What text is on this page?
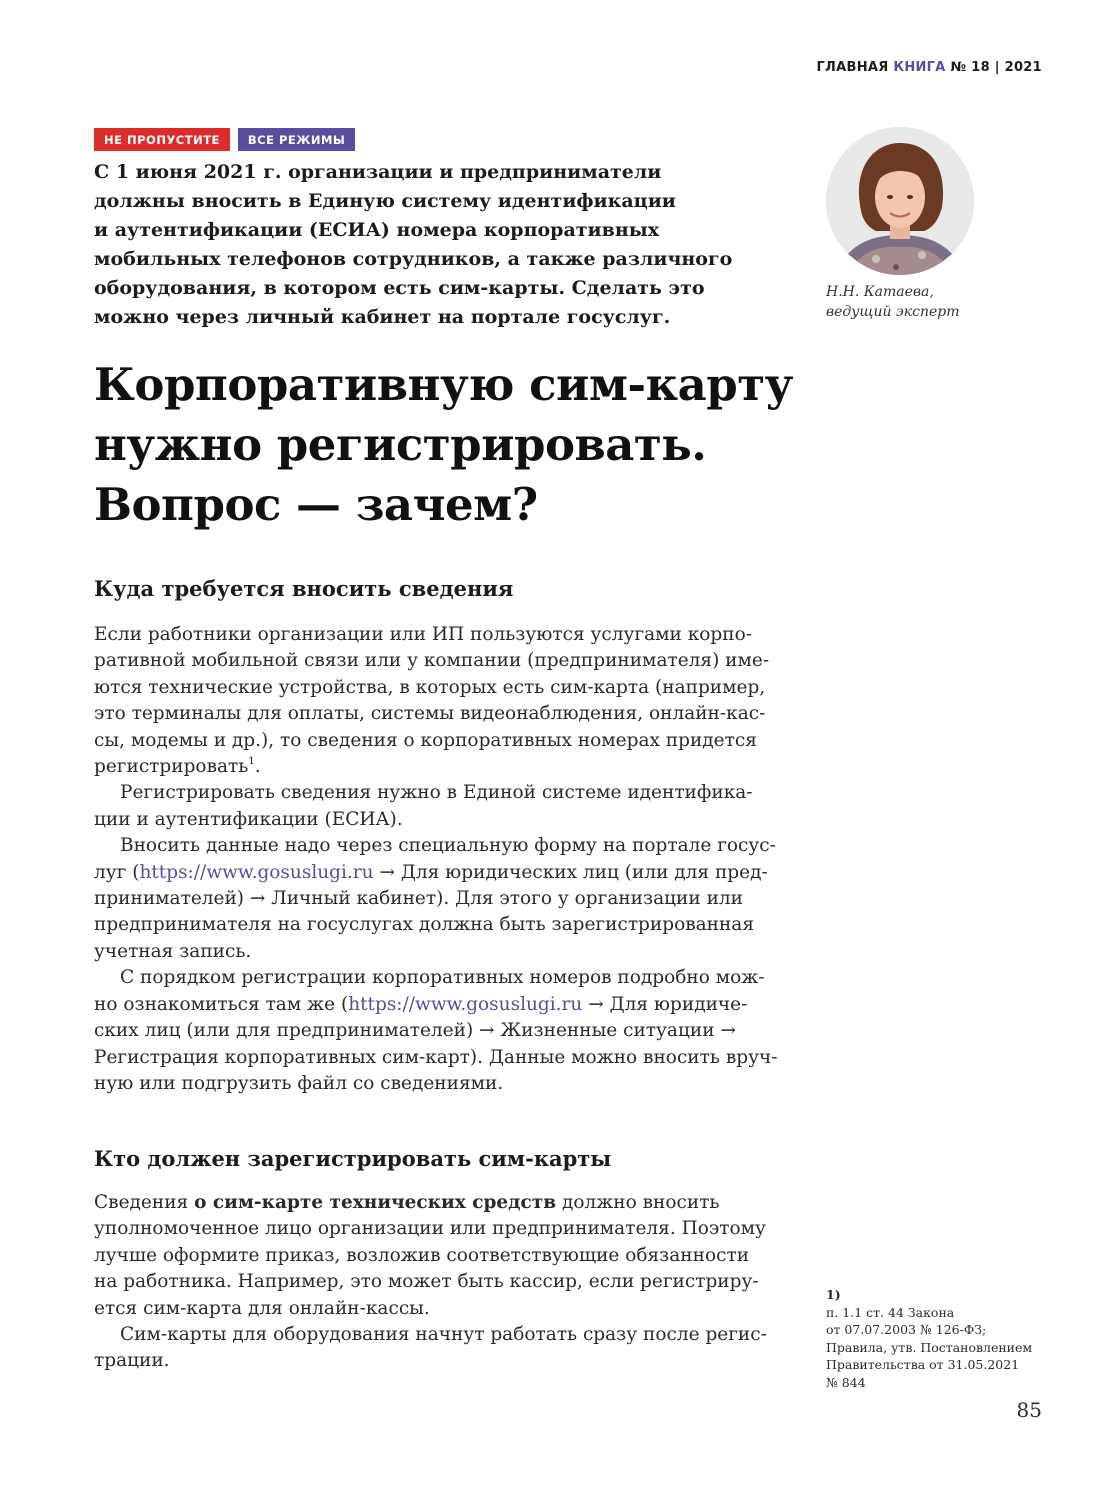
ГЛАВНАЯ КНИГА № 18 | 2021
НЕ ПРОПУСТИТЕ	ВСЕ РЕЖИМЫ

С 1 июня 2021 г. организации и предприниматели
должны вносить в Единую систему идентификации
и аутентификации (ЕСИА) номера корпоративных
мобильных телефонов сотрудников, а также различного
оборудования, в котором есть сим-карты. Сделать это
можно через личный кабинет на портале госуслуг.

Н.Н. Катаева,
ведущий эксперт
Корпоративную сим-карту
нужно регистрировать.
Вопрос — зачем?
Куда требуется вносить сведения
Если работники организации или ИП пользуются услугами корпо-
ративной мобильной связи или у компании (предпринимателя) име-
ются технические устройства, в которых есть сим-карта (например,
это терминалы для оплаты, системы видеонаблюдения, онлайн-кас-
сы, модемы и др.), то сведения о корпоративных номерах придется
регистрировать$^1$.
Регистрировать сведения нужно в Единой системе идентифика-
ции и аутентификации (ЕСИА).
Вносить данные надо через специальную форму на портале госус-
луг (https://www.gosuslugi.ru → Для юридических лиц (или для пред-
принимателей) → Личный кабинет). Для этого у организации или
предпринимателя на госуслугах должна быть зарегистрированная
учетная запись.
С порядком регистрации корпоративных номеров подробно мож-
но ознакомиться там же (https://www.gosuslugi.ru → Для юридиче-
ских лиц (или для предпринимателей) → Жизненные ситуации →
Регистрация корпоративных сим-карт). Данные можно вносить вруч-
ную или подгрузить файл со сведениями.
Кто должен зарегистрировать сим-карты
Сведения о сим-карте технических средств должно вносить
уполномоченное лицо организации или предпринимателя. Поэтому
лучше оформите приказ, возложив соответствующие обязанности
на работника. Например, это может быть кассир, если регистриру-
ется сим-карта для онлайн-кассы.
Сим-карты для оборудования начнут работать сразу после регис-
трации.
1)
п. 1.1 ст. 44 Закона
от 07.07.2003 № 126-ФЗ;
Правила, утв. Постановлением
Правительства от 31.05.2021
№ 844
85
